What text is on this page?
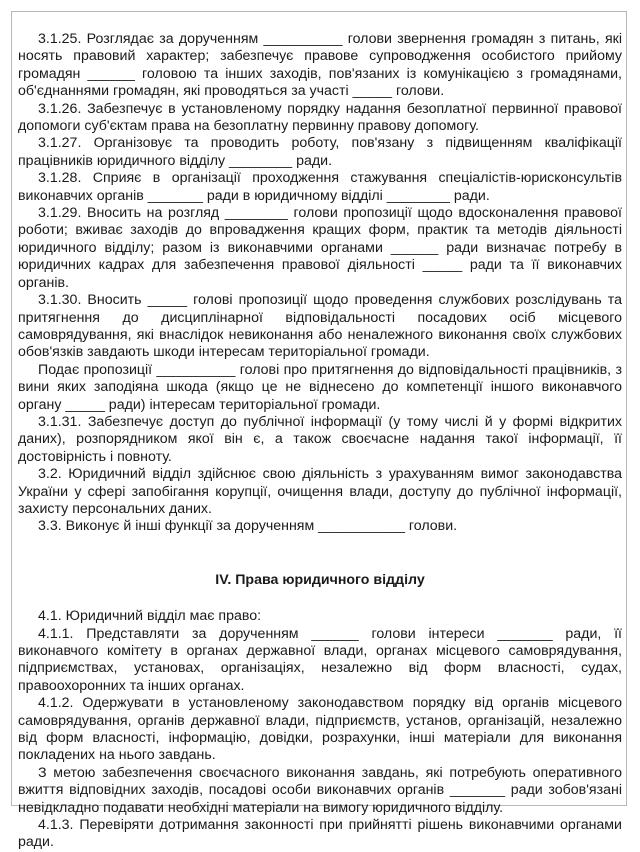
3.1.25. Розглядає за дорученням __________ голови звернення громадян з питань, які носять правовий характер; забезпечує правове супроводження особистого прийому громадян ______ головою та інших заходів, пов'язаних із комунікацією з громадянами, об'єднаннями громадян, які проводяться за участі _____ голови.

3.1.26. Забезпечує в установленому порядку надання безоплатної первинної правової допомоги суб'єктам права на безоплатну первинну правову допомогу.

3.1.27. Організовує та проводить роботу, пов'язану з підвищенням кваліфікації працівників юридичного відділу ________ ради.

3.1.28. Сприяє в організації проходження стажування спеціалістів-юрисконсультів виконавчих органів _______ ради в юридичному відділі ________ ради.

3.1.29. Вносить на розгляд ________ голови пропозиції щодо вдосконалення правової роботи; вживає заходів до впровадження кращих форм, практик та методів діяльності юридичного відділу; разом із виконавчими органами ______ ради визначає потребу в юридичних кадрах для забезпечення правової діяльності _____ ради та її виконавчих органів.

3.1.30. Вносить _____ голові пропозиції щодо проведення службових розслідувань та притягнення до дисциплінарної відповідальності посадових осіб місцевого самоврядування, які внаслідок невиконання або неналежного виконання своїх службових обов'язків завдають шкоди інтересам територіальної громади.

Подає пропозиції __________ голові про притягнення до відповідальності працівників, з вини яких заподіяна шкода (якщо це не віднесено до компетенції іншого виконавчого органу _____ ради) інтересам територіальної громади.

3.1.31. Забезпечує доступ до публічної інформації (у тому числі й у формі відкритих даних), розпорядником якої він є, а також своєчасне надання такої інформації, її достовірність і повноту.

3.2. Юридичний відділ здійснює свою діяльність з урахуванням вимог законодавства України у сфері запобігання корупції, очищення влади, доступу до публічної інформації, захисту персональних даних.

3.3. Виконує й інші функції за дорученням ___________ голови.

IV. Права юридичного відділу

4.1. Юридичний відділ має право:

4.1.1. Представляти за дорученням ______ голови інтереси _______ ради, її виконавчого комітету в органах державної влади, органах місцевого самоврядування, підприємствах, установах, організаціях, незалежно від форм власності, судах, правоохоронних та інших органах.

4.1.2. Одержувати в установленому законодавством порядку від органів місцевого самоврядування, органів державної влади, підприємств, установ, організацій, незалежно від форм власності, інформацію, довідки, розрахунки, інші матеріали для виконання покладених на нього завдань.

З метою забезпечення своєчасного виконання завдань, які потребують оперативного вжиття відповідних заходів, посадові особи виконавчих органів _______ ради зобов'язані невідкладно подавати необхідні матеріали на вимогу юридичного відділу.

4.1.3. Перевіряти дотримання законності при прийнятті рішень виконавчими органами ради.
